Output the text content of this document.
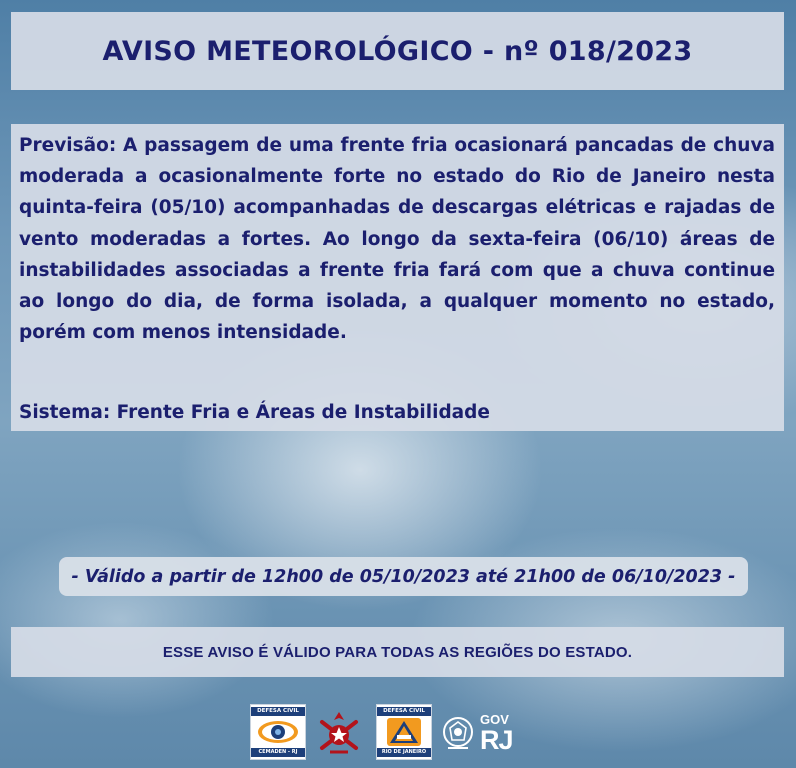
AVISO METEOROLÓGICO - nº 018/2023
Previsão: A passagem de uma frente fria ocasionará pancadas de chuva moderada a ocasionalmente forte no estado do Rio de Janeiro nesta quinta-feira (05/10) acompanhadas de descargas elétricas e rajadas de vento moderadas a fortes. Ao longo da sexta-feira (06/10) áreas de instabilidades associadas a frente fria fará com que a chuva continue ao longo do dia, de forma isolada, a qualquer momento no estado, porém com menos intensidade.
Sistema: Frente Fria e Áreas de Instabilidade
- Válido a partir de 12h00 de 05/10/2023 até 21h00 de 06/10/2023 -
ESSE AVISO É VÁLIDO PARA TODAS AS REGIÕES DO ESTADO.
DEFESA CIVIL
CEMADEN - RJ
DEFESA CIVIL
RIO DE JANEIRO
GOV
RJ
